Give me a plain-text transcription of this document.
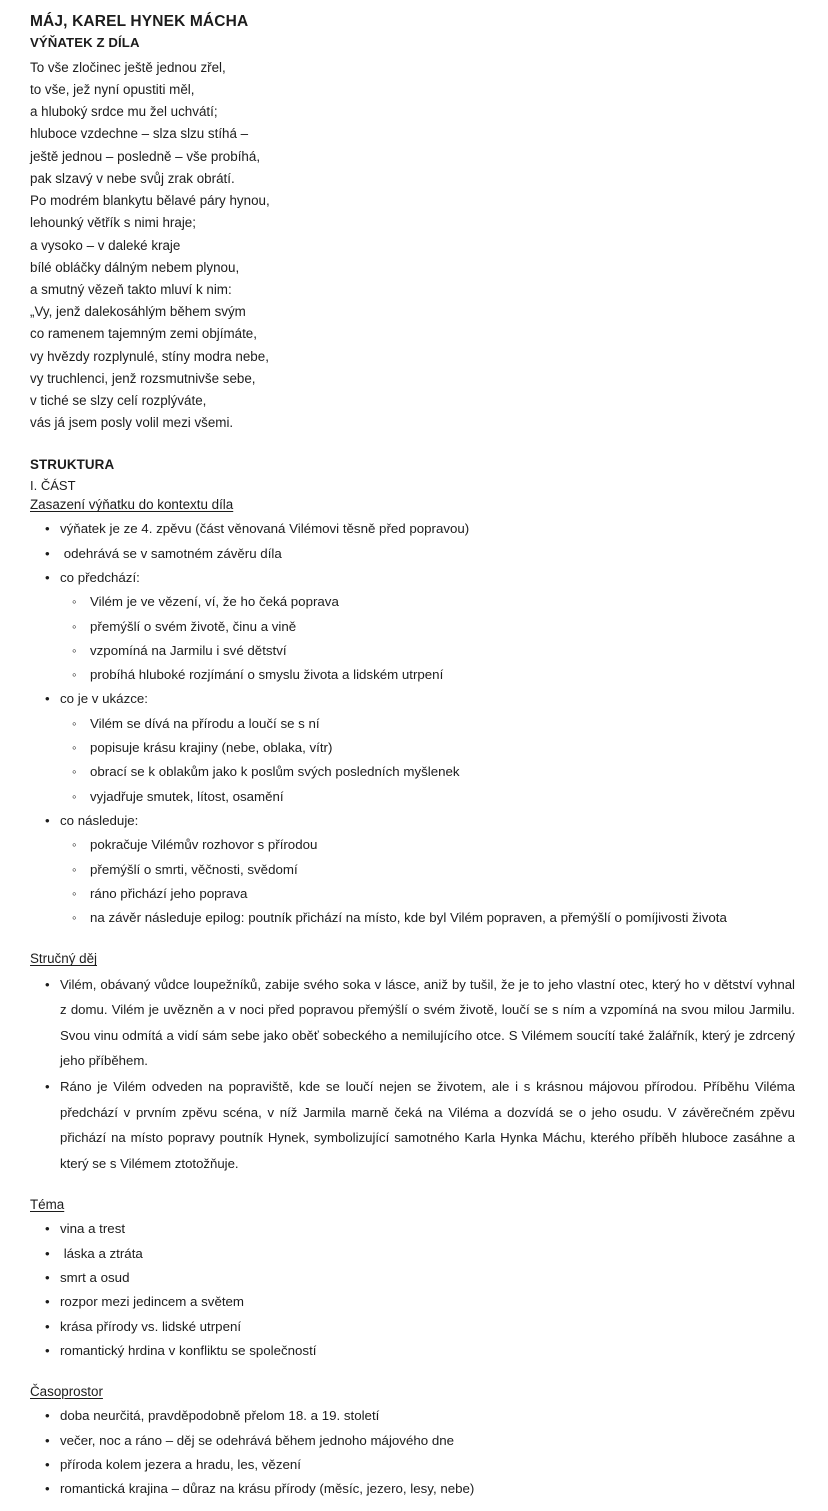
MÁJ, KAREL HYNEK MÁCHA
VÝŇATEK Z DÍLA
To vše zločinec ještě jednou zřel,
to vše, jež nyní opustiti měl,
a hluboký srdce mu žel uchvátí;
hluboce vzdechne – slza slzu stíhá –
ještě jednou – posledně – vše probíhá,
pak slzavý v nebe svůj zrak obrátí.
Po modrém blankytu bělavé páry hynou,
lehounký větřík s nimi hraje;
a vysoko – v daleké kraje
bílé obláčky dálným nebem plynou,
a smutný vězeň takto mluví k nim:
„Vy, jenž dalekosáhlým během svým
co ramenem tajemným zemi objímáte,
vy hvězdy rozplynulé, stíny modra nebe,
vy truchlenci, jenž rozsmutnivše sebe,
v tiché se slzy celí rozplýváte,
vás já jsem posly volil mezi všemi.
STRUKTURA
I. ČÁST
Zasazení výňatku do kontextu díla
• výňatek je ze 4. zpěvu (část věnovaná Vilémovi těsně před popravou)
•  odehrává se v samotném závěru díla
• co předchází:
◦ Vilém je ve vězení, ví, že ho čeká poprava
◦ přemýšlí o svém životě, činu a vině
◦ vzpomíná na Jarmilu i své dětství
◦ probíhá hluboké rozjímání o smyslu života a lidském utrpení
• co je v ukázce:
◦ Vilém se dívá na přírodu a loučí se s ní
◦ popisuje krásu krajiny (nebe, oblaka, vítr)
◦ obrací se k oblakům jako k poslům svých posledních myšlenek
◦ vyjadřuje smutek, lítost, osamění
• co následuje:
◦ pokračuje Vilémův rozhovor s přírodou
◦ přemýšlí o smrti, věčnosti, svědomí
◦ ráno přichází jeho poprava
◦ na závěr následuje epilog: poutník přichází na místo, kde byl Vilém popraven, a přemýšlí o pomíjivosti života
Stručný děj
• Vilém, obávaný vůdce loupežníků, zabije svého soka v lásce, aniž by tušil, že je to jeho vlastní otec, který ho v dětství vyhnal z domu. Vilém je uvězněn a v noci před popravou přemýšlí o svém životě, loučí se s ním a vzpomíná na svou milou Jarmilu. Svou vinu odmítá a vidí sám sebe jako oběť sobeckého a nemilujícího otce. S Vilémem soucítí také žalářník, který je zdrcený jeho příběhem.
• Ráno je Vilém odveden na popraviště, kde se loučí nejen se životem, ale i s krásnou májovou přírodou. Příběhu Viléma předchází v prvním zpěvu scéna, v níž Jarmila marně čeká na Viléma a dozvídá se o jeho osudu. V závěrečném zpěvu přichází na místo popravy poutník Hynek, symbolizující samotného Karla Hynka Máchu, kterého příběh hluboce zasáhne a který se s Vilémem ztotožňuje.
Téma
• vina a trest
•  láska a ztráta
• smrt a osud
• rozpor mezi jedincem a světem
• krása přírody vs. lidské utrpení
• romantický hrdina v konfliktu se společností
Časoprostor
• doba neurčitá, pravděpodobně přelom 18. a 19. století
• večer, noc a ráno – děj se odehrává během jednoho májového dne
• příroda kolem jezera a hradu, les, vězení
• romantická krajina – důraz na krásu přírody (měsíc, jezero, lesy, nebe)
